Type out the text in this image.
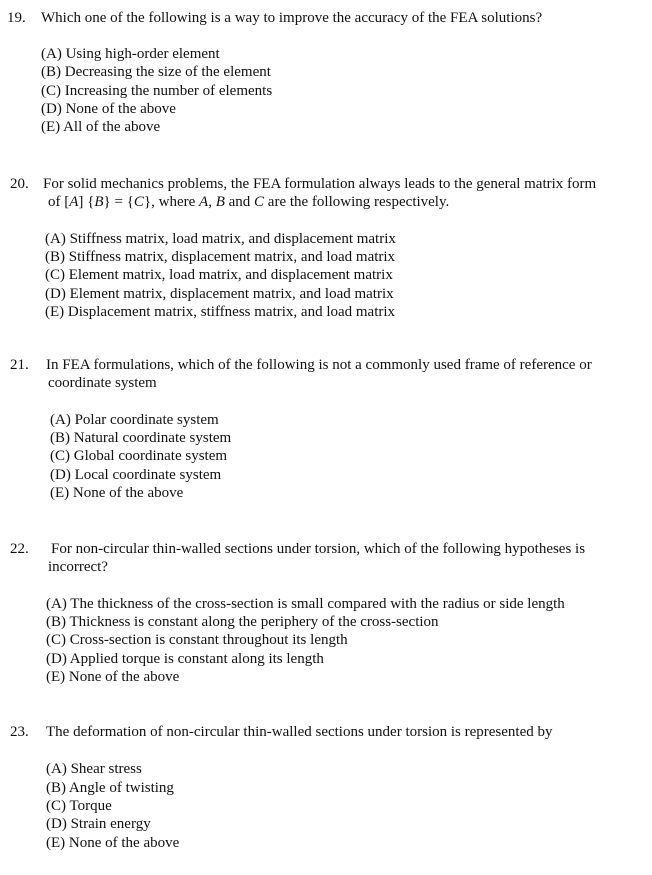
19. Which one of the following is a way to improve the accuracy of the FEA solutions?
(A) Using high-order element
(B) Decreasing the size of the element
(C) Increasing the number of elements
(D) None of the above
(E) All of the above
20. For solid mechanics problems, the FEA formulation always leads to the general matrix form
of [A] {B} = {C}, where A, B and C are the following respectively.
(A) Stiffness matrix, load matrix, and displacement matrix
(B) Stiffness matrix, displacement matrix, and load matrix
(C) Element matrix, load matrix, and displacement matrix
(D) Element matrix, displacement matrix, and load matrix
(E) Displacement matrix, stiffness matrix, and load matrix
21. In FEA formulations, which of the following is not a commonly used frame of reference or
coordinate system
(A) Polar coordinate system
(B) Natural coordinate system
(C) Global coordinate system
(D) Local coordinate system
(E) None of the above
22. For non-circular thin-walled sections under torsion, which of the following hypotheses is
incorrect?
(A) The thickness of the cross-section is small compared with the radius or side length
(B) Thickness is constant along the periphery of the cross-section
(C) Cross-section is constant throughout its length
(D) Applied torque is constant along its length
(E) None of the above
23. The deformation of non-circular thin-walled sections under torsion is represented by
(A) Shear stress
(B) Angle of twisting
(C) Torque
(D) Strain energy
(E) None of the above
